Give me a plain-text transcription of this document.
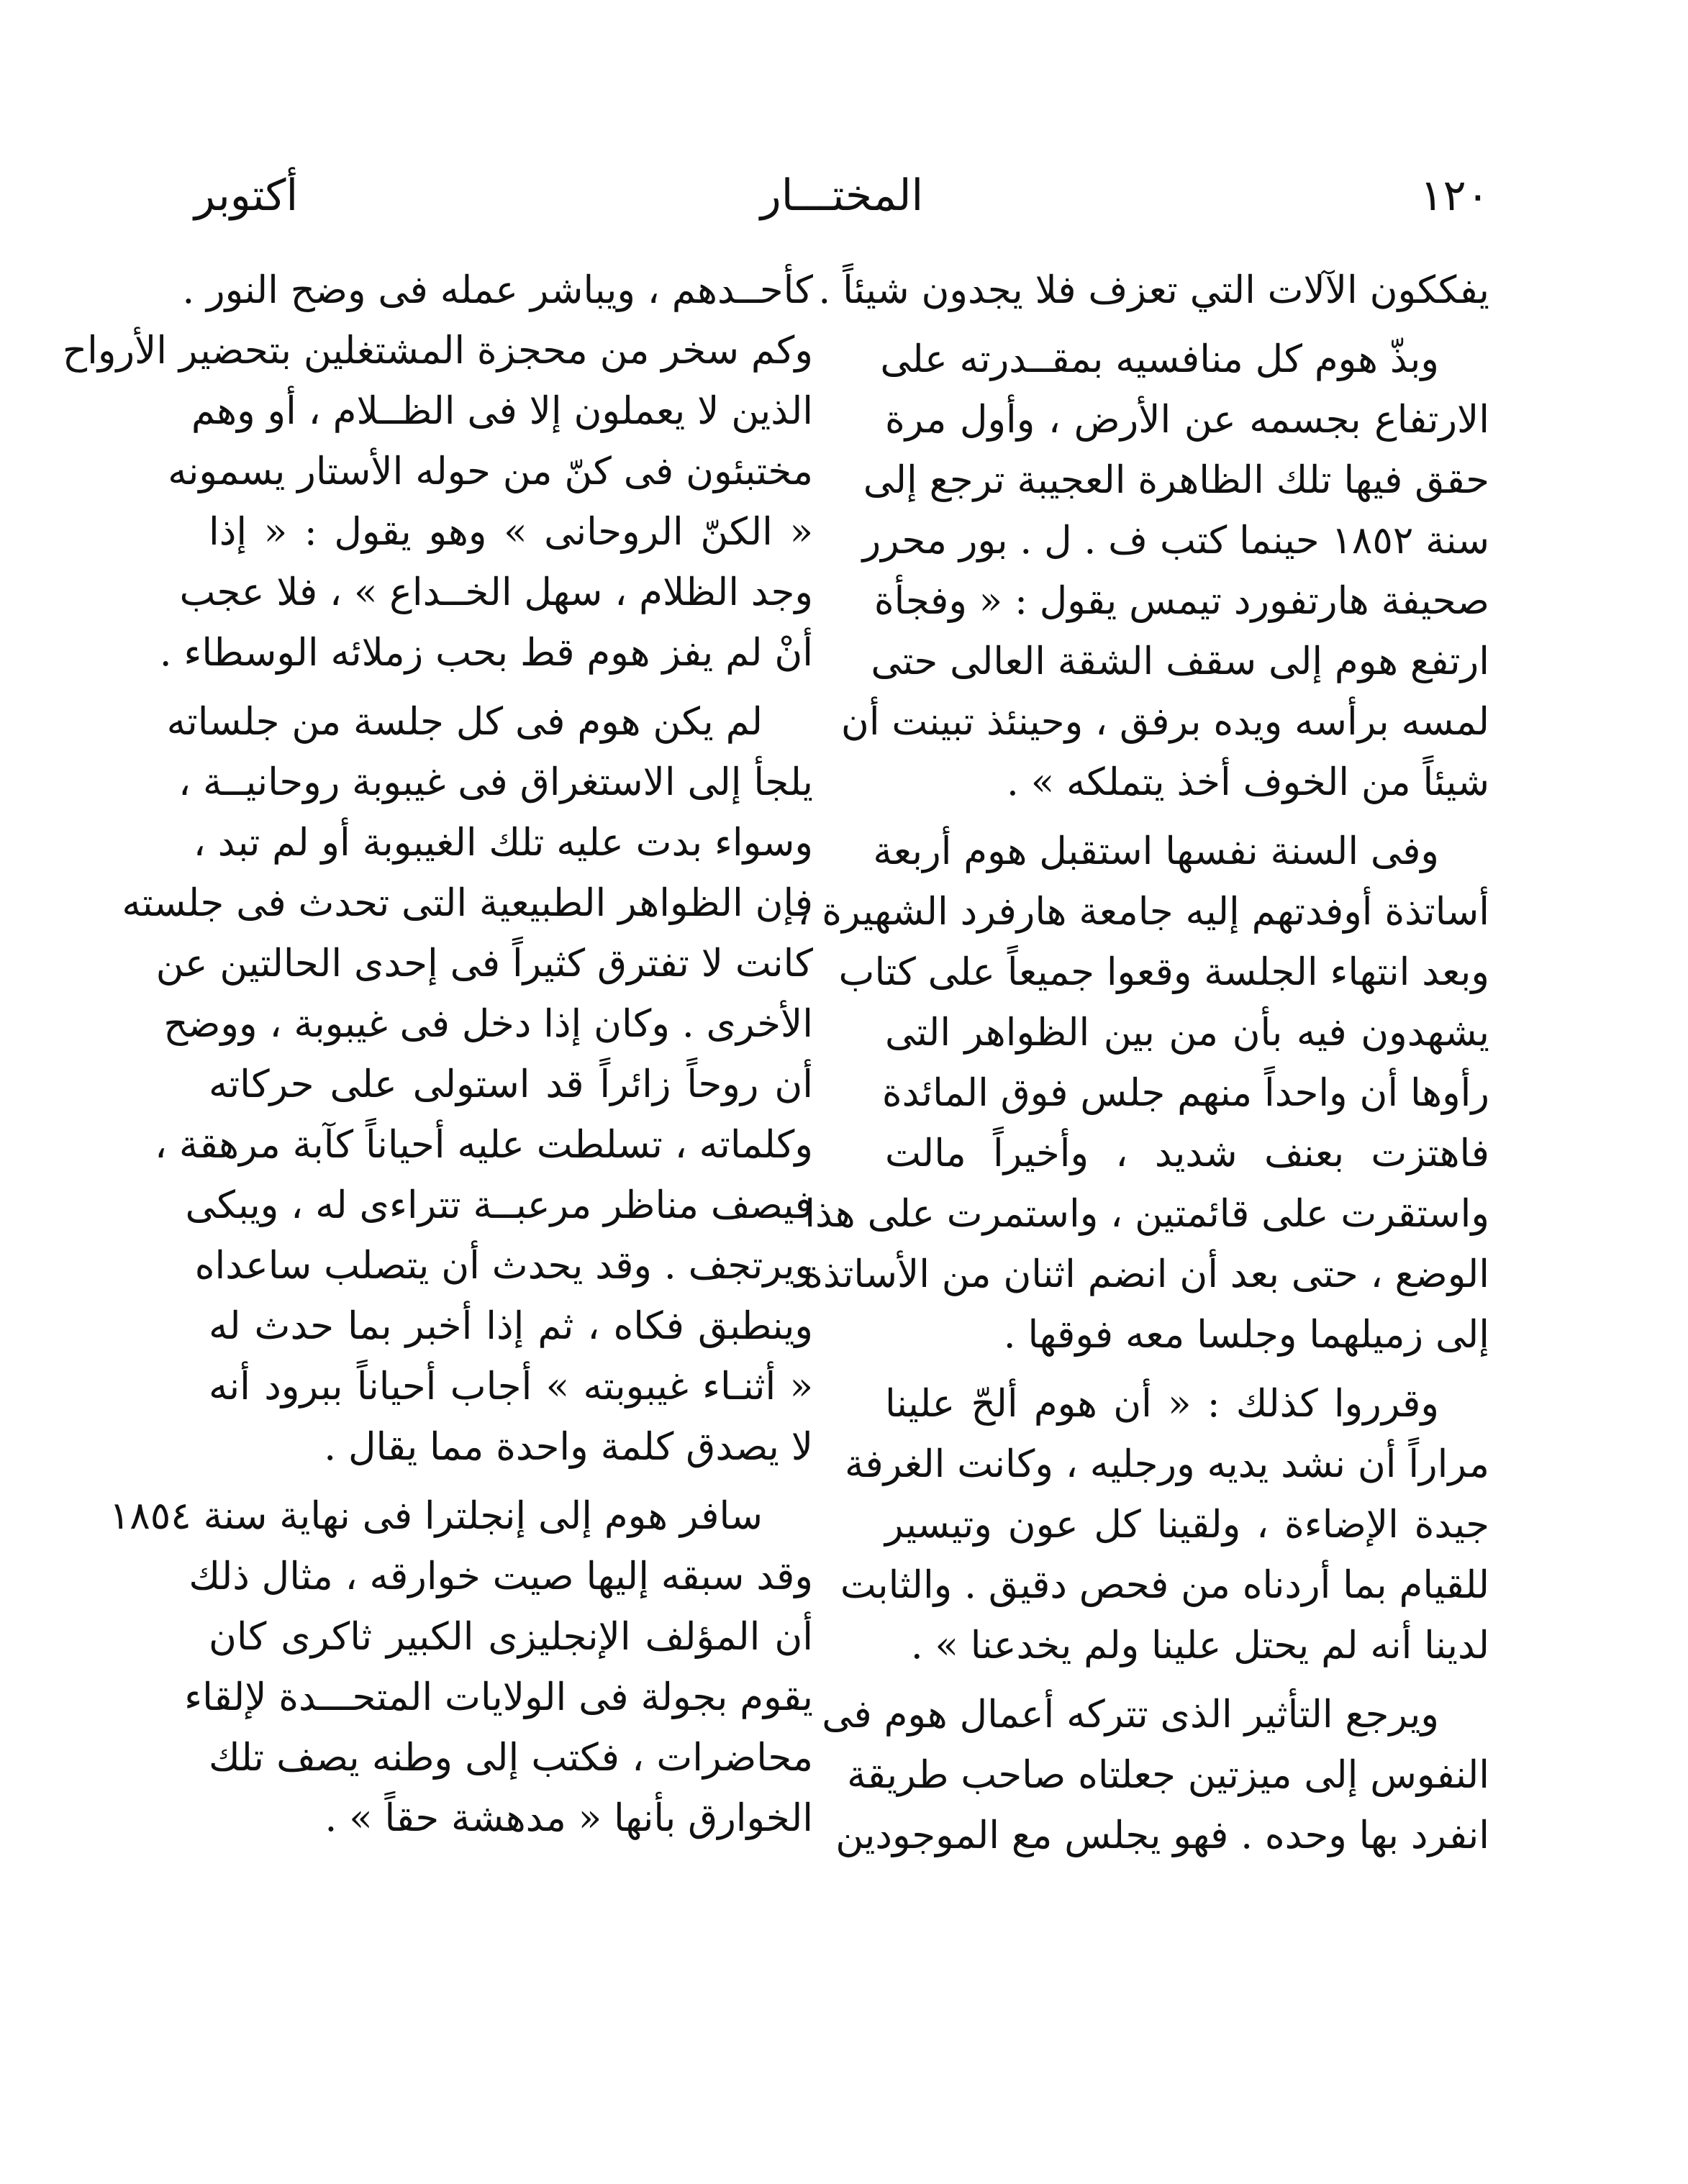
١٢٠
المختـــار
أكتوبر
يفككون الآلات التي تعزف فلا يجدون شيئاً .
وبذّ هوم كل منافسيه بمقــدرته على
الارتفاع بجسمه عن الأرض ، وأول مرة
حقق فيها تلك الظاهرة العجيبة ترجع إلى
سنة ١٨٥٢ حينما كتب ف . ل . بور محرر
صحيفة هارتفورد تيمس يقول : « وفجأة
ارتفع هوم إلى سقف الشقة العالى حتى
لمسه برأسه ويده برفق ، وحينئذ تبينت أن
شيئاً من الخوف أخذ يتملكه » .
وفى السنة نفسها استقبل هوم أربعة
أساتذة أوفدتهم إليه جامعة هارفرد الشهيرة ،
وبعد انتهاء الجلسة وقعوا جميعاً على كتاب
يشهدون فيه بأن من بين الظواهر التى
رأوها أن واحداً منهم جلس فوق المائدة
فاهتزت بعنف شديد ، وأخيراً مالت
واستقرت على قائمتين ، واستمرت على هذا
الوضع ، حتى بعد أن انضم اثنان من الأساتذة
إلى زميلهما وجلسا معه فوقها .
وقرروا كذلك : « أن هوم ألحّ علينا
مراراً أن نشد يديه ورجليه ، وكانت الغرفة
جيدة الإضاءة ، ولقينا كل عون وتيسير
للقيام بما أردناه من فحص دقيق . والثابت
لدينا أنه لم يحتل علينا ولم يخدعنا » .
ويرجع التأثير الذى تتركه أعمال هوم فى
النفوس إلى ميزتين جعلتاه صاحب طريقة
انفرد بها وحده . فهو يجلس مع الموجودين
كأحــدهم ، ويباشر عمله فى وضح النور .
وكم سخر من محجزة المشتغلين بتحضير الأرواح
الذين لا يعملون إلا فى الظــلام ، أو وهم
مختبئون فى كنّ من حوله الأستار يسمونه
« الكنّ الروحانى » وهو يقول : « إذا
وجد الظلام ، سهل الخــداع » ، فلا عجب
أنْ لم يفز هوم قط بحب زملائه الوسطاء .
لم يكن هوم فى كل جلسة من جلساته
يلجأ إلى الاستغراق فى غيبوبة روحانيــة ،
وسواء بدت عليه تلك الغيبوبة أو لم تبد ،
فإن الظواهر الطبيعية التى تحدث فى جلسته
كانت لا تفترق كثيراً فى إحدى الحالتين عن
الأخرى . وكان إذا دخل فى غيبوبة ، ووضح
أن روحاً زائراً قد استولى على حركاته
وكلماته ، تسلطت عليه أحياناً كآبة مرهقة ،
فيصف مناظر مرعبــة تتراءى له ، ويبكى
ويرتجف . وقد يحدث أن يتصلب ساعداه
وينطبق فكاه ، ثم إذا أخبر بما حدث له
« أثنـاء غيبوبته » أجاب أحياناً ببرود أنه
لا يصدق كلمة واحدة مما يقال .
سافر هوم إلى إنجلترا فى نهاية سنة ١٨٥٤
وقد سبقه إليها صيت خوارقه ، مثال ذلك
أن المؤلف الإنجليزى الكبير ثاكرى كان
يقوم بجولة فى الولايات المتحـــدة لإلقاء
محاضرات ، فكتب إلى وطنه يصف تلك
الخوارق بأنها « مدهشة حقاً » .
